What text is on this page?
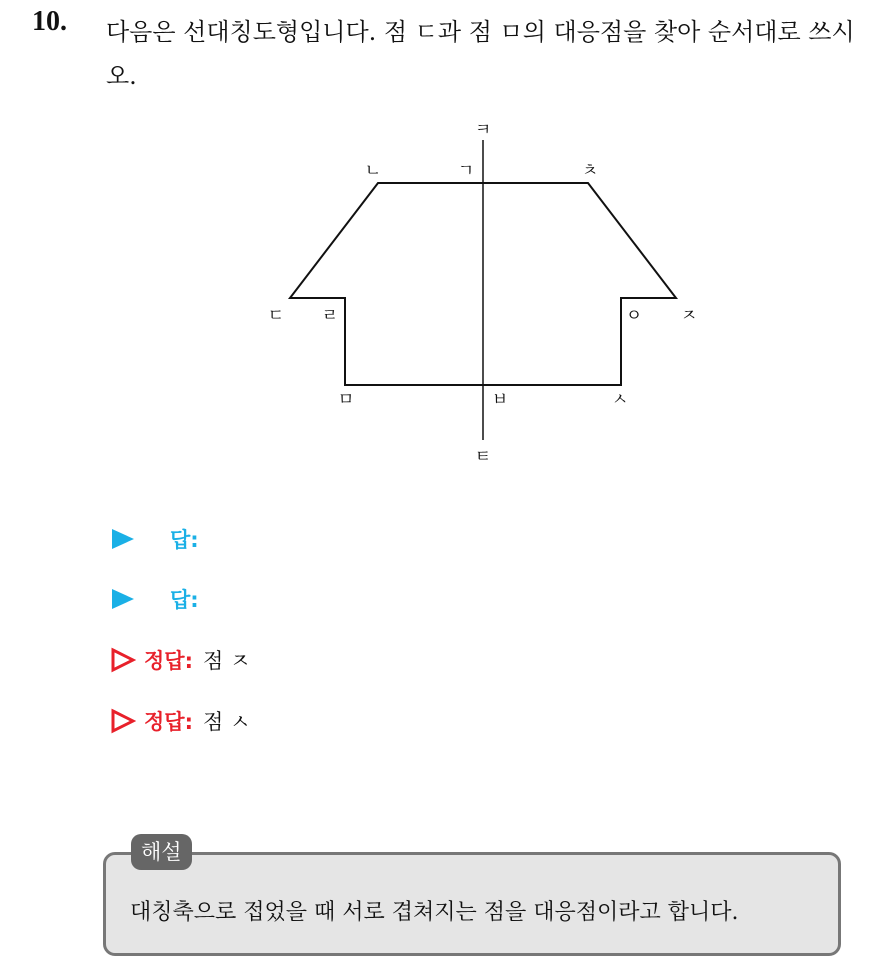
10. 다음은 선대칭도형입니다. 점 ㄷ과 점 ㅁ의 대응점을 찾아 순서대로 쓰시오.
ㅋ
ㄴ	ㄱ	ㅊ
ㄷ ㄹ	ㅇ ㅈ
ㅁ	ㅂ	ㅅ
ㅌ
답:
답:
정답: 점 ㅈ
정답: 점 ㅅ
대칭축으로 접었을 때 서로 겹쳐지는 점을 대응점이라고 합니다.
해설
